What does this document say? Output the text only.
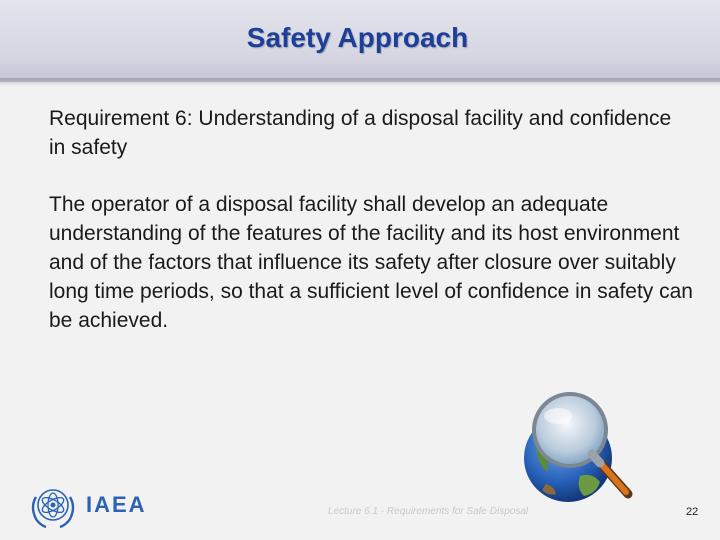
Safety Approach

Requirement 6: Understanding of a disposal facility and confidence in safety

The operator of a disposal facility shall develop an adequate understanding of the features of the facility and its host environment and of the factors that influence its safety after closure over suitably long time periods, so that a sufficient level of confidence in safety can be achieved.

IAEA	Lecture 6.1 - Requirements for Safe Disposal	22
